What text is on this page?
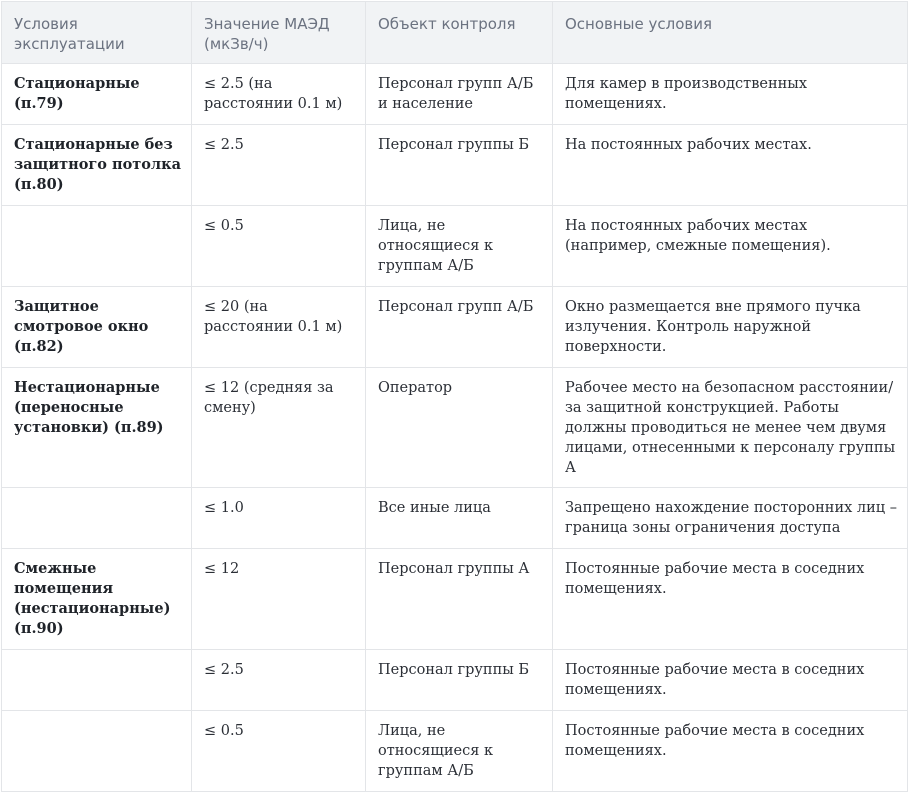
Условия эксплуатации	Значение МАЭД (мкЗв/ч)	Объект контроля	Основные условия
Стационарные (п.79)	≤ 2.5 (на расстоянии 0.1 м)	Персонал групп А/Б и население	Для камер в производственных помещениях.
Стационарные без защитного потолка (п.80)	≤ 2.5	Персонал группы Б	На постоянных рабочих местах.
	≤ 0.5	Лица, не относящиеся к группам А/Б	На постоянных рабочих местах (например, смежные помещения).
Защитное смотровое окно (п.82)	≤ 20 (на расстоянии 0.1 м)	Персонал групп А/Б	Окно размещается вне прямого пучка излучения. Контроль наружной поверхности.
Нестационарные (переносные установки) (п.89)	≤ 12 (средняя за смену)	Оператор	Рабочее место на безопасном расстоянии/за защитной конструкцией. Работы должны проводиться не менее чем двумя лицами, отнесенными к персоналу группы А
	≤ 1.0	Все иные лица	Запрещено нахождение посторонних лиц – граница зоны ограничения доступа
Смежные помещения (нестационарные) (п.90)	≤ 12	Персонал группы А	Постоянные рабочие места в соседних помещениях.
	≤ 2.5	Персонал группы Б	Постоянные рабочие места в соседних помещениях.
	≤ 0.5	Лица, не относящиеся к группам А/Б	Постоянные рабочие места в соседних помещениях.
